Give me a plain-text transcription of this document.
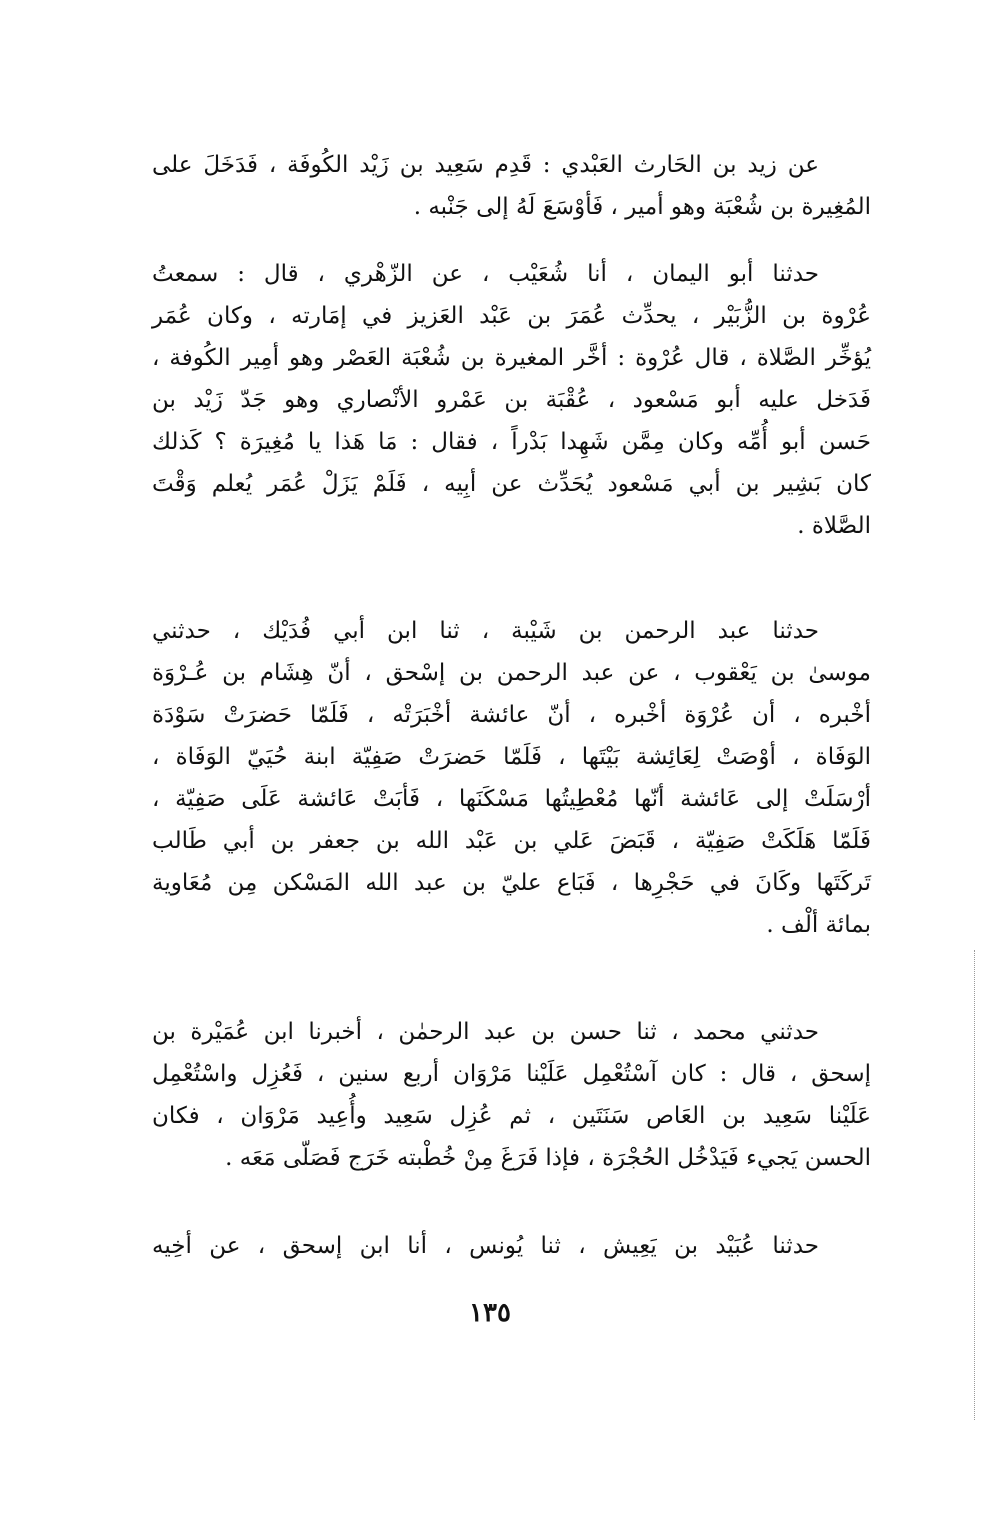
عن زيد بن الحَارث العَبْدي : قَدِم سَعِيد بن زَيْد الكُوفَة ، فَدَخَلَ على
المُغِيرة بن شُعْبَة وهو أمير ، فَأوْسَعَ لَهُ إلى جَنْبه .
حدثنا أبو اليمان ، أنا شُعَيْب ، عن الزّهْري ، قال : سمعتُ
عُرْوة بن الزُّبَيْر ، يحدِّث عُمَرَ بن عَبْد العَزيز في إمَارته ، وكان عُمَر
يُؤخِّر الصَّلاة ، قال عُرْوة : أخَّر المغيرة بن شُعْبَة العَصْر وهو أمِير الكُوفة ،
فَدَخل عليه أبو مَسْعود ، عُقْبَة بن عَمْرو الأنْصاري وهو جَدّ زَيْد بن
حَسن أبو أُمِّه وكان مِمَّن شَهِدا بَدْراً ، فقال : مَا هَذا يا مُغِيرَة ؟ كَذلك
كان بَشِير بن أبي مَسْعود يُحَدِّث عن أبِيه ، فَلَمْ يَزَلْ عُمَر يُعلم وَقْتَ
الصَّلاة .
حدثنا عبد الرحمن بن شَيْبة ، ثنا ابن أبي فُدَيْك ، حدثني
موسىٰ بن يَعْقوب ، عن عبد الرحمن بن إسْحق ، أنّ هِشَام بن عُـرْوَة
أخْبره ، أن عُرْوَة أخْبره ، أنّ عائشة أخْبَرَتْه ، فَلَمّا حَضرَتْ سَوْدَة
الوَفَاة ، أوْصَتْ لِعَائِشة بَيْتَها ، فَلَمّا حَضرَتْ صَفِيّة ابنة حُيَيّ الوَفَاة ،
أرْسَلَتْ إلى عَائشة أنّها مُعْطِيتُها مَسْكَنَها ، فَأبَتْ عَائشة عَلَى صَفِيّة ،
فَلَمّا هَلَكَتْ صَفِيّة ، قَبَضَ عَلي بن عَبْد الله بن جعفر بن أبي طَالب
تَركَتَها وكَانَ في حَجْرِها ، فَبَاع عليّ بن عبد الله المَسْكن مِن مُعَاوية
بمائة ألْف .
حدثني محمد ، ثنا حسن بن عبد الرحمٰن ، أخبرنا ابن عُمَيْرة بن
إسحق ، قال : كان آسْتُعْمِل عَلَيْنا مَرْوَان أربع سنين ، فَعُزِل واسْتُعْمِل
عَلَيْنا سَعِيد بن العَاص سَنَتَين ، ثم عُزِل سَعِيد وأُعِيد مَرْوَان ، فكان
الحسن يَجيء فَيَدْخُل الحُجْرَة ، فإذا فَرَغَ مِنْ خُطْبته خَرَج فَصَلّى مَعَه .
حدثنا عُبَيْد بن يَعِيش ، ثنا يُونس ، أنا ابن إسحق ، عن أخِيه
١٣٥
